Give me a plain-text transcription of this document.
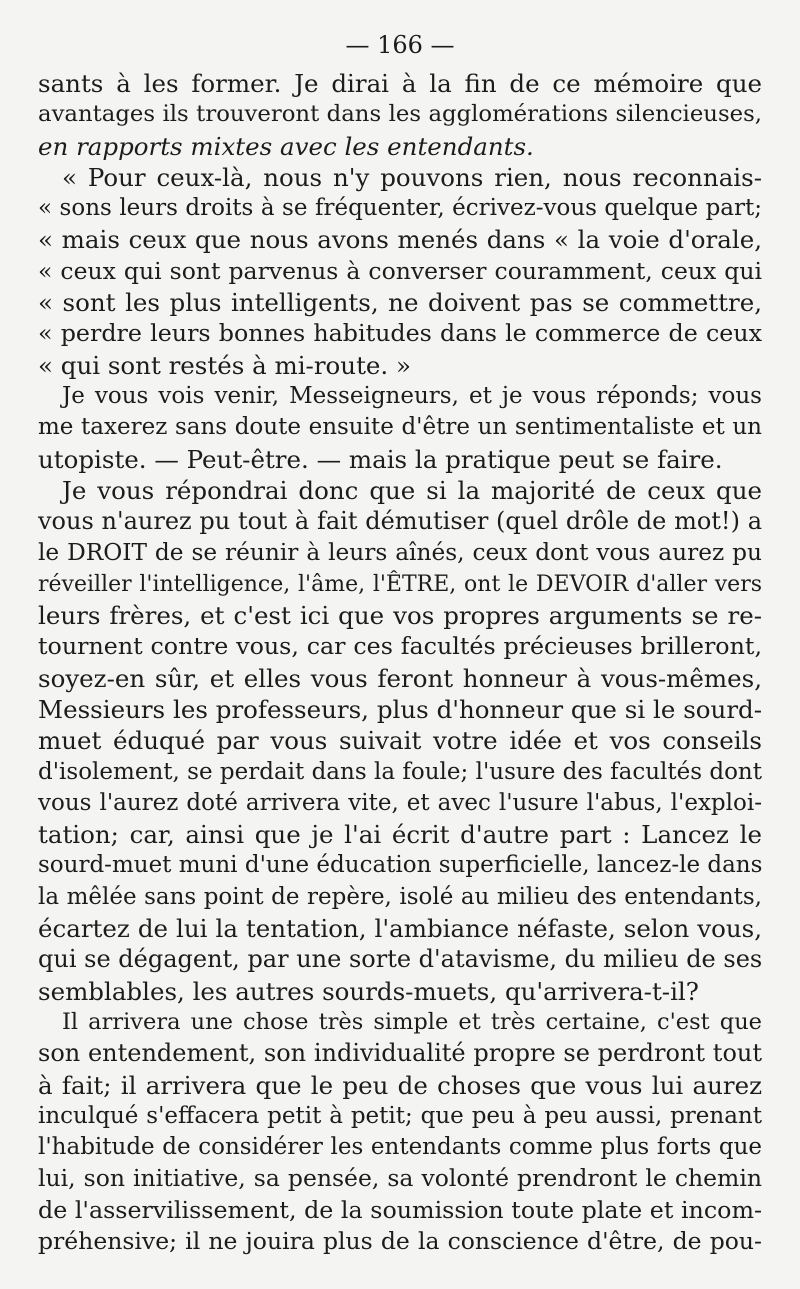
— 166 —
sants à les former. Je dirai à la fin de ce mémoire que
avantages ils trouveront dans les agglomérations silencieuses,
en rapports mixtes avec les entendants.
« Pour ceux-là, nous n'y pouvons rien, nous reconnais-
« sons leurs droits à se fréquenter, écrivez-vous quelque part;
« mais ceux que nous avons menés dans « la voie d'orale,
« ceux qui sont parvenus à converser couramment, ceux qui
« sont les plus intelligents, ne doivent pas se commettre,
« perdre leurs bonnes habitudes dans le commerce de ceux
« qui sont restés à mi-route. »
Je vous vois venir, Messeigneurs, et je vous réponds; vous
me taxerez sans doute ensuite d'être un sentimentaliste et un
utopiste. — Peut-être. — mais la pratique peut se faire.
Je vous répondrai donc que si la majorité de ceux que
vous n'aurez pu tout à fait démutiser (quel drôle de mot!) a
le DROIT de se réunir à leurs aînés, ceux dont vous aurez pu
réveiller l'intelligence, l'âme, l'ÊTRE, ont le DEVOIR d'aller vers
leurs frères, et c'est ici que vos propres arguments se re-
tournent contre vous, car ces facultés précieuses brilleront,
soyez-en sûr, et elles vous feront honneur à vous-mêmes,
Messieurs les professeurs, plus d'honneur que si le sourd-
muet éduqué par vous suivait votre idée et vos conseils
d'isolement, se perdait dans la foule; l'usure des facultés dont
vous l'aurez doté arrivera vite, et avec l'usure l'abus, l'exploi-
tation; car, ainsi que je l'ai écrit d'autre part : Lancez le
sourd-muet muni d'une éducation superficielle, lancez-le dans
la mêlée sans point de repère, isolé au milieu des entendants,
écartez de lui la tentation, l'ambiance néfaste, selon vous,
qui se dégagent, par une sorte d'atavisme, du milieu de ses
semblables, les autres sourds-muets, qu'arrivera-t-il?
Il arrivera une chose très simple et très certaine, c'est que
son entendement, son individualité propre se perdront tout
à fait; il arrivera que le peu de choses que vous lui aurez
inculqué s'effacera petit à petit; que peu à peu aussi, prenant
l'habitude de considérer les entendants comme plus forts que
lui, son initiative, sa pensée, sa volonté prendront le chemin
de l'asservilissement, de la soumission toute plate et incom-
préhensive; il ne jouira plus de la conscience d'être, de pou-
